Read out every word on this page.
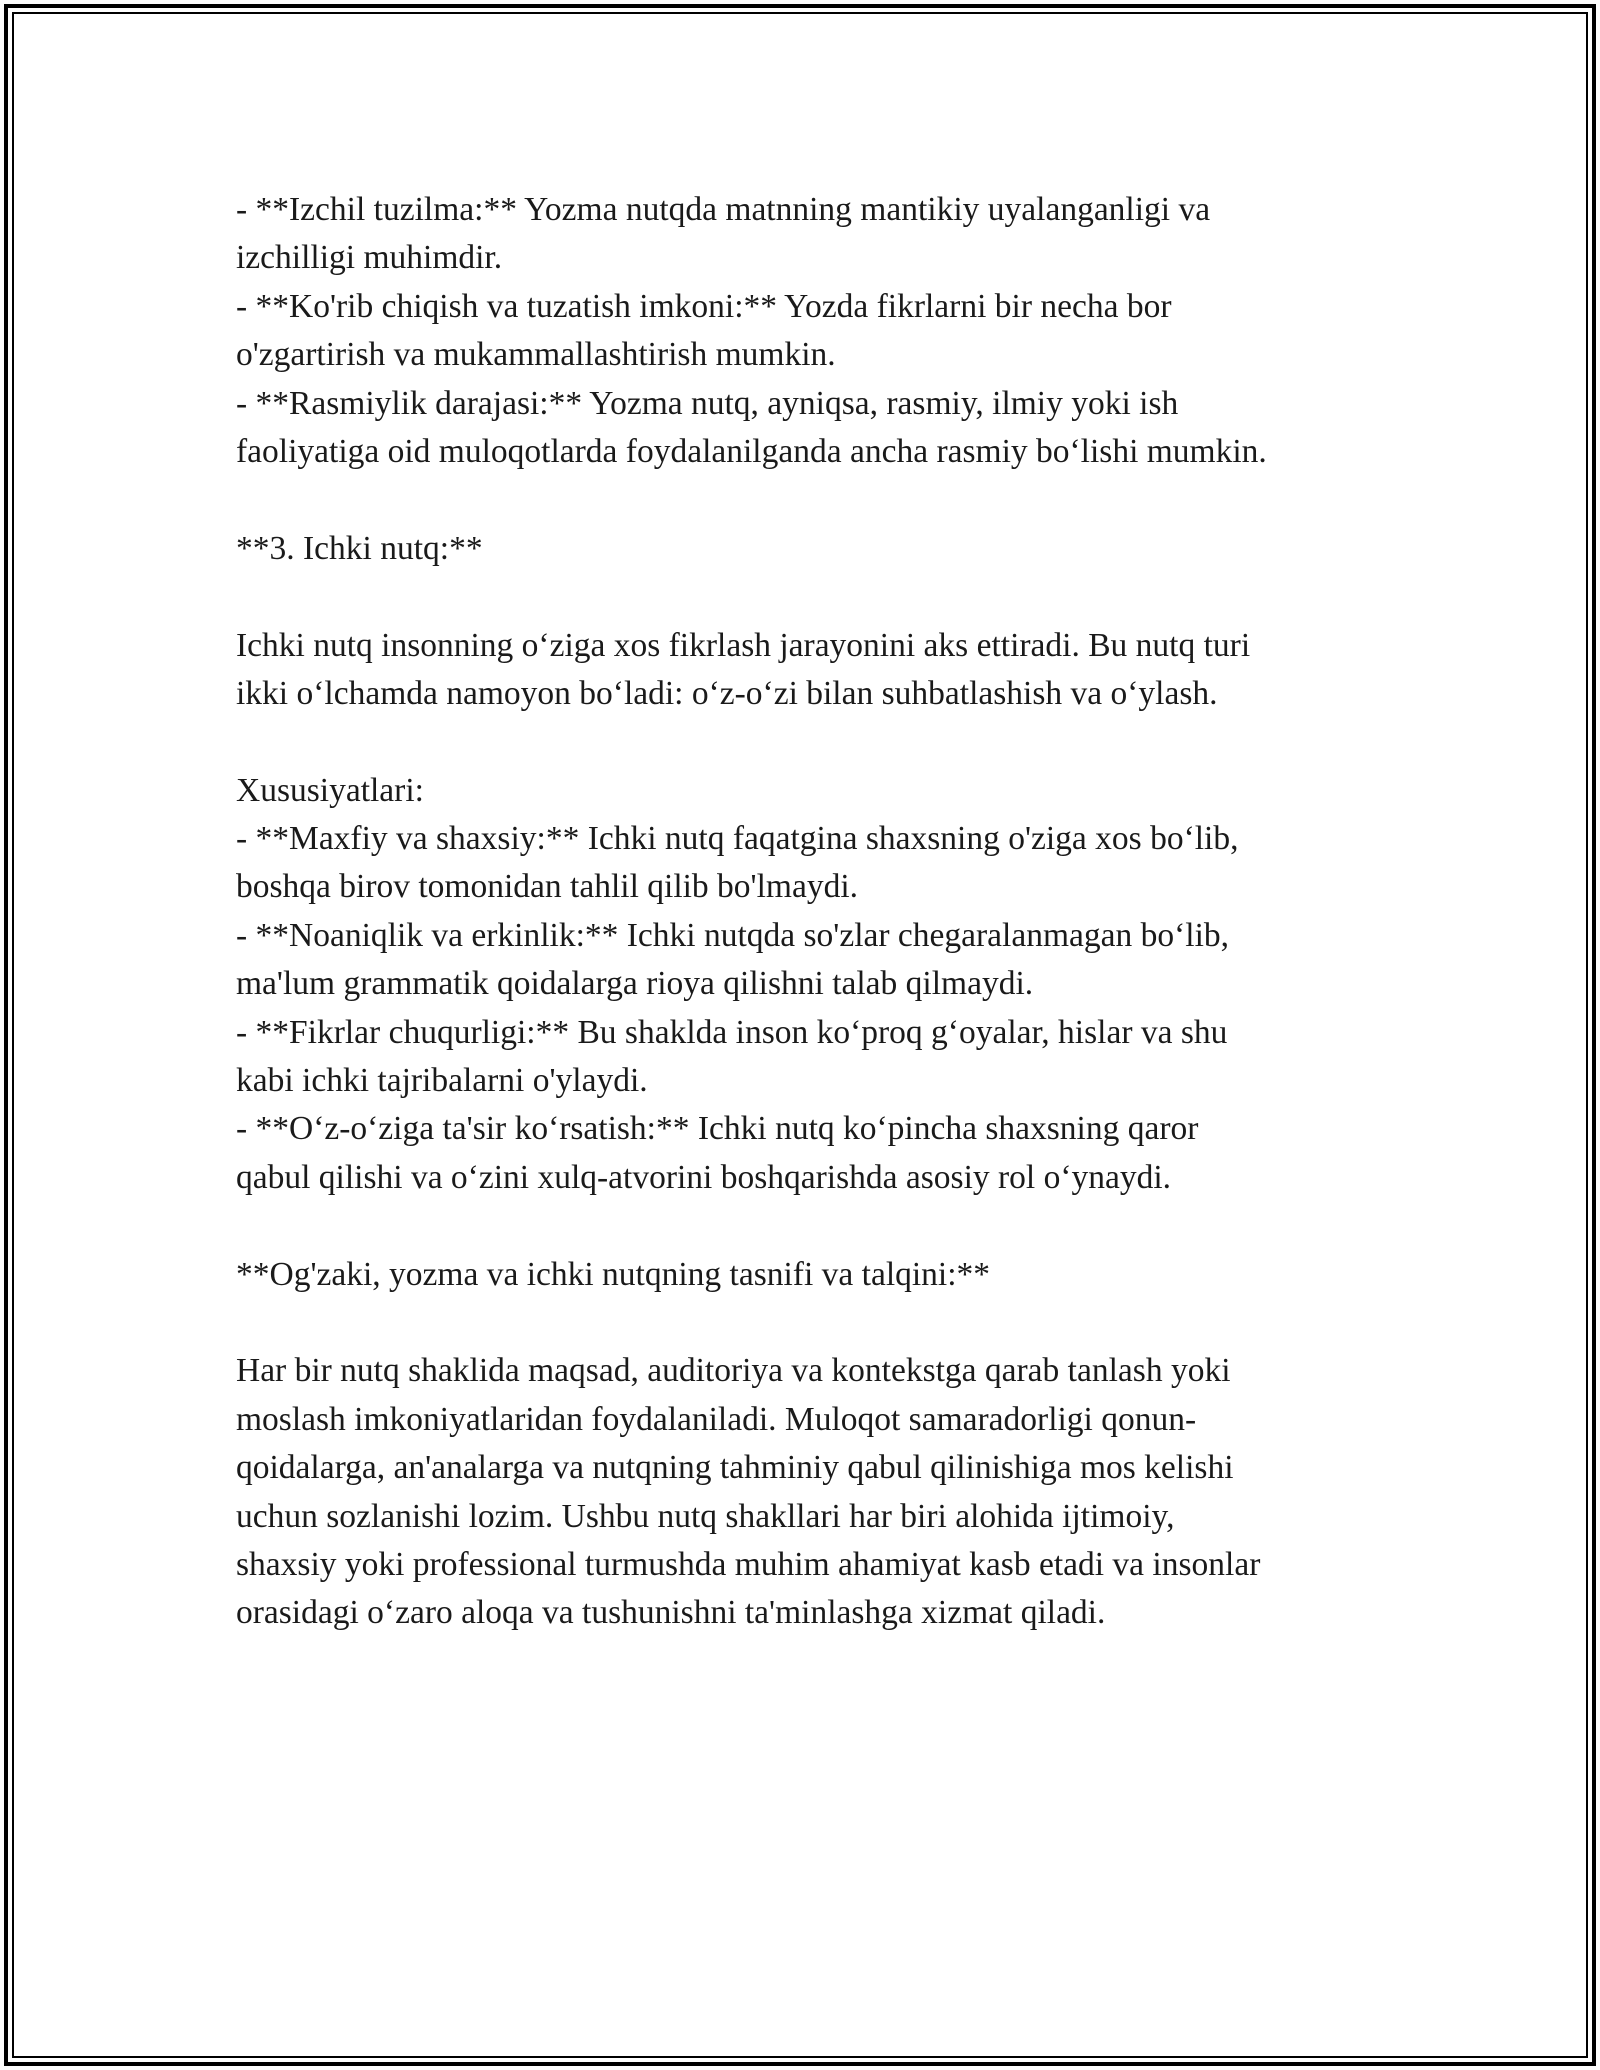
- **Izchil tuzilma:** Yozma nutqda matnning mantikiy uyalanganligi va
izchilligi muhimdir.
- **Ko'rib chiqish va tuzatish imkoni:** Yozda fikrlarni bir necha bor
o'zgartirish va mukammallashtirish mumkin.
- **Rasmiylik darajasi:** Yozma nutq, ayniqsa, rasmiy, ilmiy yoki ish
faoliyatiga oid muloqotlarda foydalanilganda ancha rasmiy bo‘lishi mumkin.
**3. Ichki nutq:**
Ichki nutq insonning o‘ziga xos fikrlash jarayonini aks ettiradi. Bu nutq turi
ikki o‘lchamda namoyon bo‘ladi: o‘z-o‘zi bilan suhbatlashish va o‘ylash.
Xususiyatlari:
- **Maxfiy va shaxsiy:** Ichki nutq faqatgina shaxsning o'ziga xos bo‘lib,
boshqa birov tomonidan tahlil qilib bo'lmaydi.
- **Noaniqlik va erkinlik:** Ichki nutqda so'zlar chegaralanmagan bo‘lib,
ma'lum grammatik qoidalarga rioya qilishni talab qilmaydi.
- **Fikrlar chuqurligi:** Bu shaklda inson ko‘proq g‘oyalar, hislar va shu
kabi ichki tajribalarni o'ylaydi.
- **O‘z-o‘ziga ta'sir ko‘rsatish:** Ichki nutq ko‘pincha shaxsning qaror
qabul qilishi va o‘zini xulq-atvorini boshqarishda asosiy rol o‘ynaydi.
**Og'zaki, yozma va ichki nutqning tasnifi va talqini:**
Har bir nutq shaklida maqsad, auditoriya va kontekstga qarab tanlash yoki
moslash imkoniyatlaridan foydalaniladi. Muloqot samaradorligi qonun-
qoidalarga, an'analarga va nutqning tahminiy qabul qilinishiga mos kelishi
uchun sozlanishi lozim. Ushbu nutq shakllari har biri alohida ijtimoiy,
shaxsiy yoki professional turmushda muhim ahamiyat kasb etadi va insonlar
orasidagi o‘zaro aloqa va tushunishni ta'minlashga xizmat qiladi.
